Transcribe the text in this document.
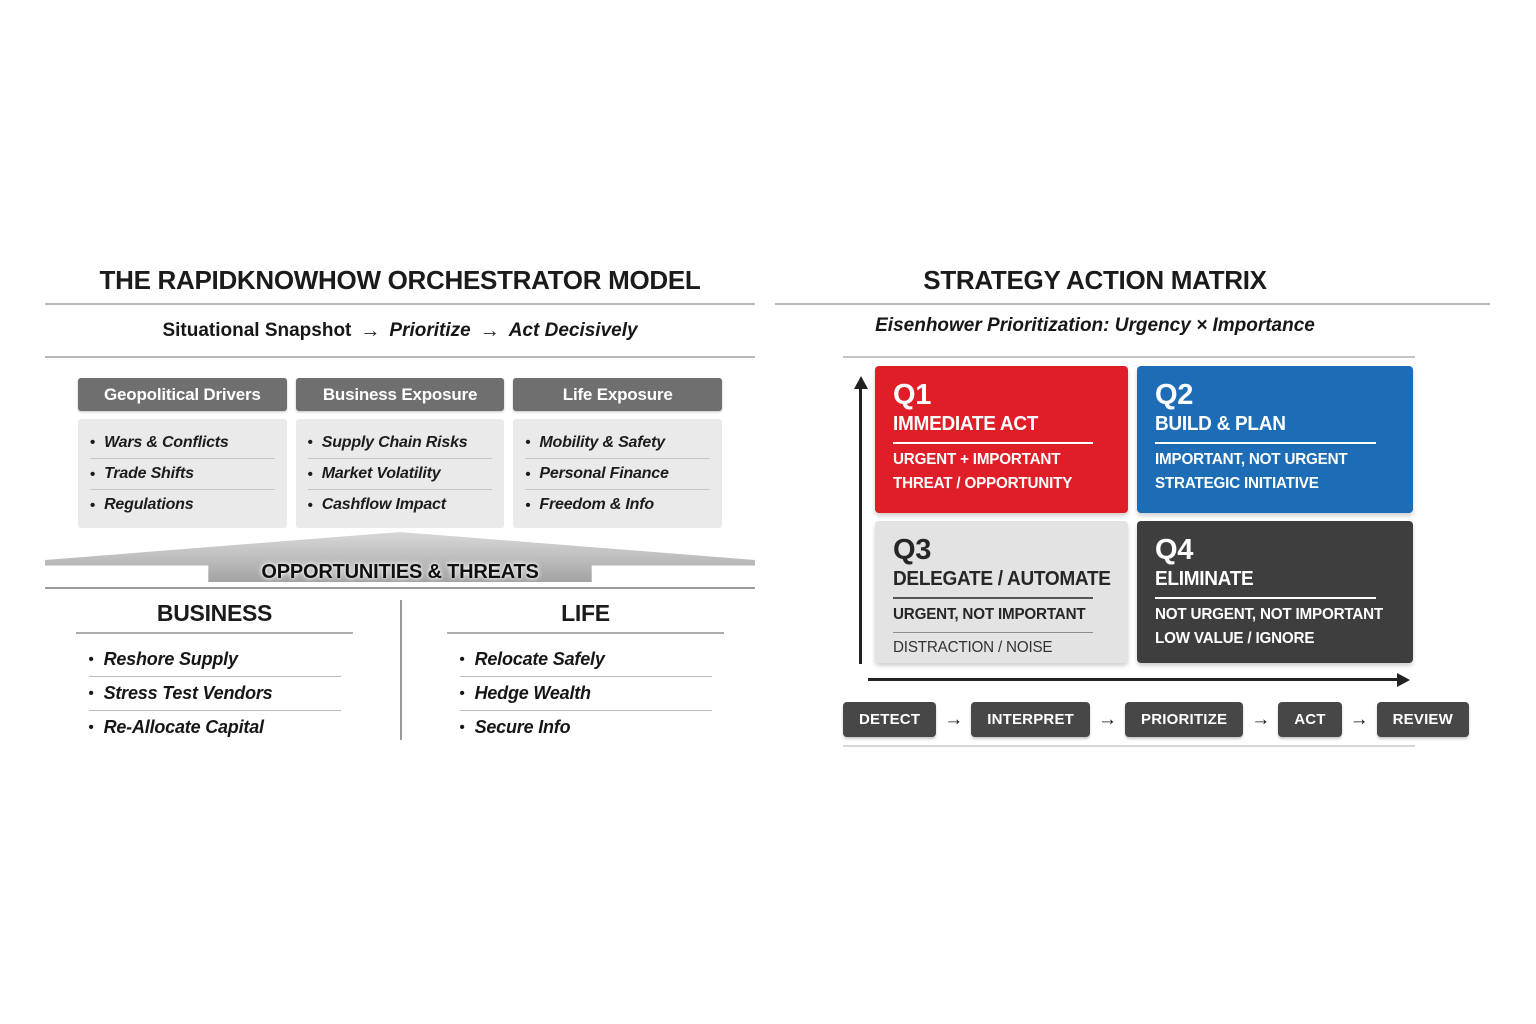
THE RAPIDKNOWHOW ORCHESTRATOR MODEL
Situational Snapshot → Prioritize → Act Decisively
Geopolitical Drivers
• Wars & Conflicts
• Trade Shifts
• Regulations
Business Exposure
• Supply Chain Risks
• Market Volatility
• Cashflow Impact
Life Exposure
• Mobility & Safety
• Personal Finance
• Freedom & Info
OPPORTUNITIES & THREATS
BUSINESS
• Reshore Supply
• Stress Test Vendors
• Re-Allocate Capital
LIFE
• Relocate Safely
• Hedge Wealth
• Secure Info
STRATEGY ACTION MATRIX
Eisenhower Prioritization: Urgency × Importance
Q1
IMMEDIATE ACT
URGENT + IMPORTANT
THREAT / OPPORTUNITY
Q2
BUILD & PLAN
IMPORTANT, NOT URGENT
STRATEGIC INITIATIVE
Q3
DELEGATE / AUTOMATE
URGENT, NOT IMPORTANT
DISTRACTION / NOISE
Q4
ELIMINATE
NOT URGENT, NOT IMPORTANT
LOW VALUE / IGNORE
DETECT	→	INTERPRET	→	PRIORITIZE	→	ACT	→	REVIEW
